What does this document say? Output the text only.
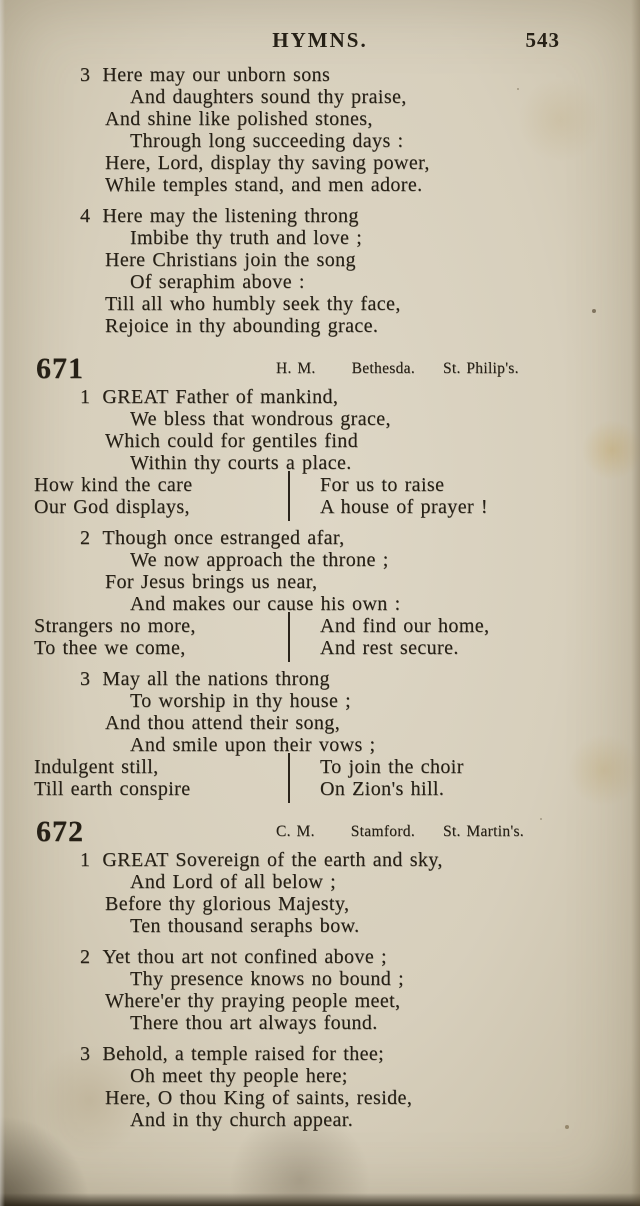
HYMNS.	543
3 Here may our unborn sons
And daughters sound thy praise,
And shine like polished stones,
Through long succeeding days :
Here, Lord, display thy saving power,
While temples stand, and men adore.
4 Here may the listening throng
Imbibe thy truth and love ;
Here Christians join the song
Of seraphim above :
Till all who humbly seek thy face,
Rejoice in thy abounding grace.
671	H. M. Bethesda. St. Philip's.
1 GREAT Father of mankind,
We bless that wondrous grace,
Which could for gentiles find
Within thy courts a place.
How kind the care
Our God displays,
For us to raise
A house of prayer !
2 Though once estranged afar,
We now approach the throne ;
For Jesus brings us near,
And makes our cause his own :
Strangers no more,
To thee we come,
And find our home,
And rest secure.
3 May all the nations throng
To worship in thy house ;
And thou attend their song,
And smile upon their vows ;
Indulgent still,
Till earth conspire
To join the choir
On Zion's hill.
672	C. M. Stamford. St. Martin's.
1 GREAT Sovereign of the earth and sky,
And Lord of all below ;
Before thy glorious Majesty,
Ten thousand seraphs bow.
2 Yet thou art not confined above ;
Thy presence knows no bound ;
Where'er thy praying people meet,
There thou art always found.
3 Behold, a temple raised for thee;
Oh meet thy people here;
Here, O thou King of saints, reside,
And in thy church appear.
